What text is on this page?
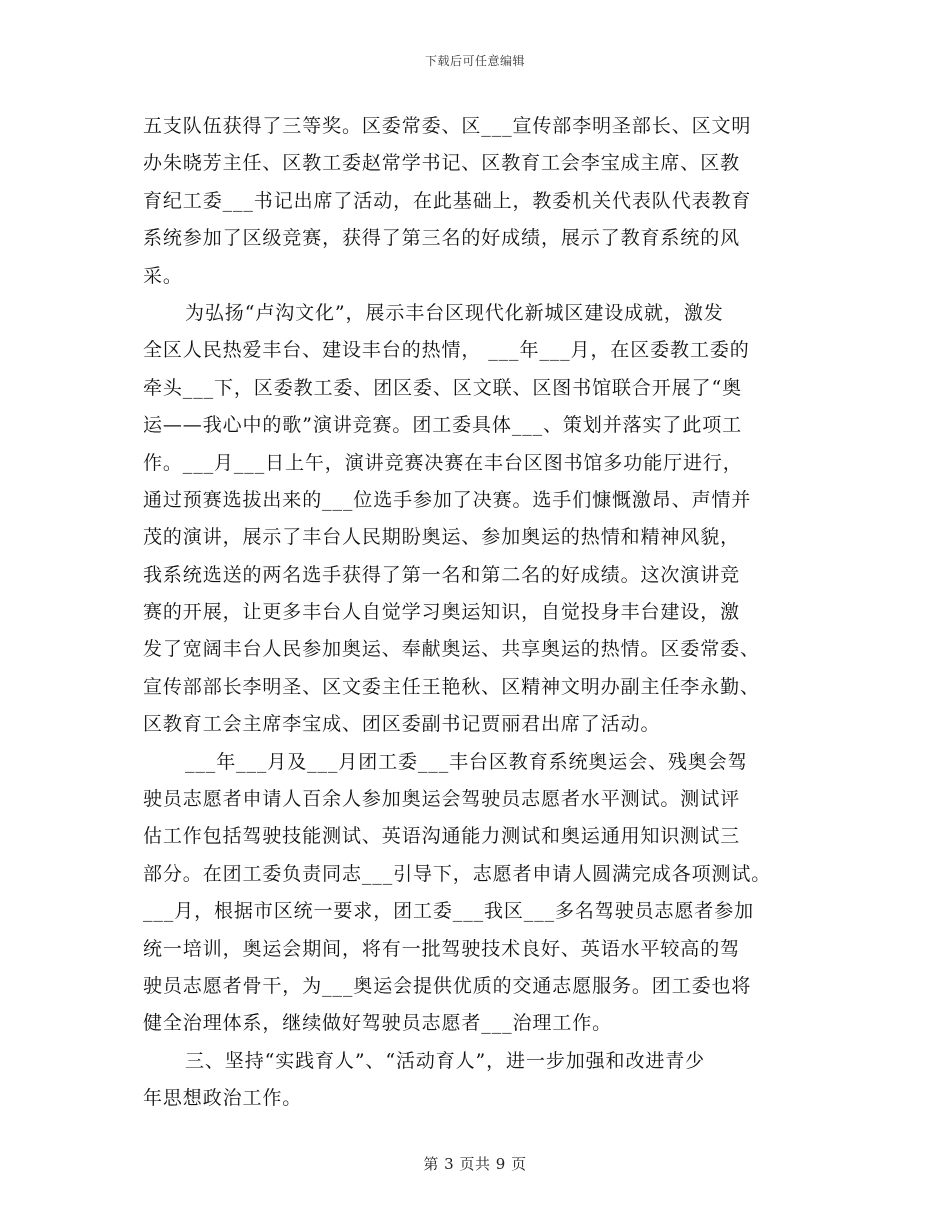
下载后可任意编辑
五支队伍获得了三等奖。区委常委、区___宣传部李明圣部长、区文明
办朱晓芳主任、区教工委赵常学书记、区教育工会李宝成主席、区教
育纪工委___书记出席了活动，在此基础上，教委机关代表队代表教育
系统参加了区级竞赛，获得了第三名的好成绩，展示了教育系统的风
采。
为弘扬“卢沟文化”，展示丰台区现代化新城区建设成就，激发
全区人民热爱丰台、建设丰台的热情， ___年___月，在区委教工委的
牵头___下，区委教工委、团区委、区文联、区图书馆联合开展了“奥
运——我心中的歌”演讲竞赛。团工委具体___、策划并落实了此项工
作。___月___日上午，演讲竞赛决赛在丰台区图书馆多功能厅进行，
通过预赛选拔出来的___位选手参加了决赛。选手们慷慨激昂、声情并
茂的演讲，展示了丰台人民期盼奥运、参加奥运的热情和精神风貌，
我系统选送的两名选手获得了第一名和第二名的好成绩。这次演讲竞
赛的开展，让更多丰台人自觉学习奥运知识，自觉投身丰台建设，激
发了宽阔丰台人民参加奥运、奉献奥运、共享奥运的热情。区委常委、
宣传部部长李明圣、区文委主任王艳秋、区精神文明办副主任李永勤、
区教育工会主席李宝成、团区委副书记贾丽君出席了活动。
___年___月及___月团工委___丰台区教育系统奥运会、残奥会驾
驶员志愿者申请人百余人参加奥运会驾驶员志愿者水平测试。测试评
估工作包括驾驶技能测试、英语沟通能力测试和奥运通用知识测试三
部分。在团工委负责同志___引导下，志愿者申请人圆满完成各项测试。
___月，根据市区统一要求，团工委___我区___多名驾驶员志愿者参加
统一培训，奥运会期间，将有一批驾驶技术良好、英语水平较高的驾
驶员志愿者骨干，为___奥运会提供优质的交通志愿服务。团工委也将
健全治理体系，继续做好驾驶员志愿者___治理工作。
三、坚持“实践育人”、“活动育人”，进一步加强和改进青少
年思想政治工作。
第 3 页共 9 页
